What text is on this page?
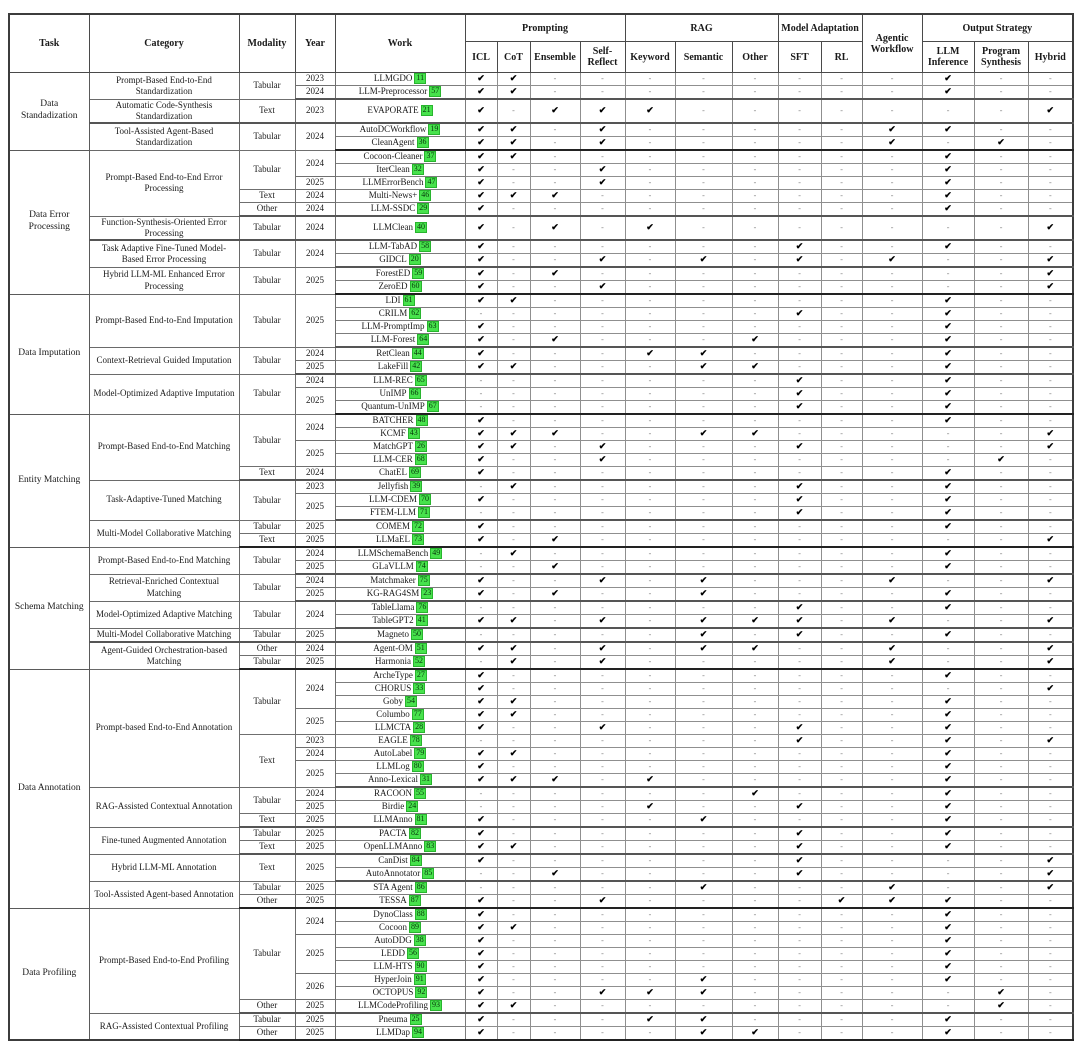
Task	Category	Modality	Year	Work	Prompting				RAG			Model Adaptation		Agentic Workflow	Output Strategy		
					ICL	CoT	Ensemble	Self-Reflect	Keyword	Semantic	Other	SFT	RL		LLM Inference	Program Synthesis	Hybrid
Data Standadization	Prompt-Based End-to-End Standardization	Tabular	2023	LLMGDO 11	✔	✔	-	-	-	-	-	-	-	-	✔	-	-
			2024	LLM-Preprocessor 57	✔	✔	-	-	-	-	-	-	-	-	✔	-	-
	Automatic Code-Synthesis Standardization	Text	2023	EVAPORATE 21	✔	-	✔	✔	✔	-	-	-	-	-	-	-	✔
	Tool-Assisted Agent-Based Standardization	Tabular	2024	AutoDCWorkflow 19	✔	✔	-	✔	-	-	-	-	-	✔	✔	-	-
				CleanAgent 36	✔	✔	-	✔	-	-	-	-	-	✔	-	✔	-
Data Error Processing	Prompt-Based End-to-End Error Processing	Tabular	2024	Cocoon-Cleaner 37	✔	✔	-	-	-	-	-	-	-	-	✔	-	-
				IterClean 32	✔	-	-	✔	-	-	-	-	-	-	✔	-	-
			2025	LLMErrorBench 47	✔	-	-	✔	-	-	-	-	-	-	✔	-	-
		Text	2024	Multi-News+ 46	✔	✔	✔	-	-	-	-	-	-	-	✔	-	-
		Other	2024	LLM-SSDC 29	✔	-	-	-	-	-	-	-	-	-	✔	-	-
	Function-Synthesis-Oriented Error Processing	Tabular	2024	LLMClean 40	✔	-	✔	-	✔	-	-	-	-	-	-	-	✔
	Task Adaptive Fine-Tuned Model-Based Error Processing	Tabular	2024	LLM-TabAD 58	✔	-	-	-	-	-	-	✔	-	-	✔	-	-
				GIDCL 20	✔	-	-	✔	-	✔	-	✔	-	✔	-	-	✔
	Hybrid LLM-ML Enhanced Error Processing	Tabular	2025	ForestED 59	✔	-	✔	-	-	-	-	-	-	-	-	-	✔
				ZeroED 60	✔	-	-	✔	-	-	-	-	-	-	-	-	✔
Data Imputation	Prompt-Based End-to-End Imputation	Tabular	2025	LDI 61	✔	✔	-	-	-	-	-	-	-	-	✔	-	-
				CRILM 62	-	-	-	-	-	-	-	✔	-	-	✔	-	-
				LLM-PromptImp 63	✔	-	-	-	-	-	-	-	-	-	✔	-	-
				LLM-Forest 64	✔	-	✔	-	-	-	✔	-	-	-	✔	-	-
	Context-Retrieval Guided Imputation	Tabular	2024	RetClean 44	✔	-	-	-	✔	✔	-	-	-	-	✔	-	-
			2025	LakeFill 42	✔	✔	-	-	-	✔	✔	-	-	-	✔	-	-
	Model-Optimized Adaptive Imputation	Tabular	2024	LLM-REC 65	-	-	-	-	-	-	-	✔	-	-	✔	-	-
			2025	UnIMP 66	-	-	-	-	-	-	-	✔	-	-	✔	-	-
				Quantum-UnIMP 67	-	-	-	-	-	-	-	✔	-	-	✔	-	-
Entity Matching	Prompt-Based End-to-End Matching	Tabular	2024	BATCHER 48	✔	-	-	-	-	-	-	-	-	-	✔	-	-
				KCMF 43	✔	✔	✔	-	-	✔	✔	-	-	-	-	-	✔
			2025	MatchGPT 26	✔	✔	-	✔	-	-	-	✔	-	-	-	-	✔
				LLM-CER 68	✔	-	-	✔	-	-	-	-	-	-	-	✔	-
		Text	2024	ChatEL 69	✔	-	-	-	-	-	-	-	-	-	✔	-	-
	Task-Adaptive-Tuned Matching	Tabular	2023	Jellyfish 39	-	✔	-	-	-	-	-	✔	-	-	✔	-	-
			2025	LLM-CDEM 70	✔	-	-	-	-	-	-	✔	-	-	✔	-	-
				FTEM-LLM 71	-	-	-	-	-	-	-	✔	-	-	✔	-	-
	Multi-Model Collaborative Matching	Tabular	2025	COMEM 72	✔	-	-	-	-	-	-	-	-	-	✔	-	-
		Text	2025	LLMaEL 73	✔	-	✔	-	-	-	-	-	-	-	-	-	✔
Schema Matching	Prompt-Based End-to-End Matching	Tabular	2024	LLMSchemaBench 49	-	✔	-	-	-	-	-	-	-	-	✔	-	-
			2025	GLaVLLM 74	-	-	✔	-	-	-	-	-	-	-	✔	-	-
	Retrieval-Enriched Contextual Matching	Tabular	2024	Matchmaker 75	✔	-	-	✔	-	✔	-	-	-	✔	-	-	✔
			2025	KG-RAG4SM 23	✔	-	✔	-	-	✔	-	-	-	-	✔	-	-
	Model-Optimized Adaptive Matching	Tabular	2024	TableLlama 76	-	-	-	-	-	-	-	✔	-	-	✔	-	-
				TableGPT2 41	✔	✔	-	✔	-	✔	✔	✔	-	✔	-	-	✔
	Multi-Model Collaborative Matching	Tabular	2025	Magneto 50	-	-	-	-	-	✔	-	✔	-	-	✔	-	-
	Agent-Guided Orchestration-based Matching	Other	2024	Agent-OM 51	✔	✔	-	✔	-	✔	✔	-	-	✔	-	-	✔
		Tabular	2025	Harmonia 52	-	✔	-	✔	-	-	-	-	-	✔	-	-	✔
Data Annotation	Prompt-based End-to-End Annotation	Tabular	2024	ArcheType 27	✔	-	-	-	-	-	-	-	-	-	✔	-	-
				CHORUS 33	✔	-	-	-	-	-	-	-	-	-	-	-	✔
				Goby 54	✔	✔	-	-	-	-	-	-	-	-	✔	-	-
			2025	Columbo 77	✔	✔	-	-	-	-	-	-	-	-	✔	-	-
				LLMCTA 28	✔	-	-	✔	-	-	-	✔	-	-	✔	-	-
		Text	2023	EAGLE 78	-	-	-	-	-	-	-	✔	-	-	✔	-	✔
			2024	AutoLabel 79	✔	✔	-	-	-	-	-	-	-	-	✔	-	-
			2025	LLMLog 80	✔	-	-	-	-	-	-	-	-	-	✔	-	-
				Anno-Lexical 31	✔	✔	✔	-	✔	-	-	-	-	-	✔	-	-
	RAG-Assisted Contextual Annotation	Tabular	2024	RACOON 55	-	-	-	-	-	-	✔	-	-	-	✔	-	-
			2025	Birdie 24	-	-	-	-	✔	-	-	✔	-	-	✔	-	-
		Text	2025	LLMAnno 81	✔	-	-	-	-	✔	-	-	-	-	✔	-	-
	Fine-tuned Augmented Annotation	Tabular	2025	PACTA 82	✔	-	-	-	-	-	-	✔	-	-	✔	-	-
		Text	2025	OpenLLMAnno 83	✔	✔	-	-	-	-	-	✔	-	-	✔	-	-
	Hybrid LLM-ML Annotation	Text	2025	CanDist 84	✔	-	-	-	-	-	-	✔	-	-	-	-	✔
				AutoAnnotator 85	-	-	✔	-	-	-	-	✔	-	-	-	-	✔
	Tool-Assisted Agent-based Annotation	Tabular	2025	STA Agent 86	-	-	-	-	-	✔	-	-	-	✔	-	-	✔
		Other	2025	TESSA 87	✔	-	-	✔	-	-	-	-	✔	✔	✔	-	-
Data Profiling	Prompt-Based End-to-End Profiling	Tabular	2024	DynoClass 88	✔	-	-	-	-	-	-	-	-	-	✔	-	-
				Cocoon 89	✔	✔	-	-	-	-	-	-	-	-	✔	-	-
			2025	AutoDDG 38	✔	-	-	-	-	-	-	-	-	-	✔	-	-
				LEDD 56	✔	-	-	-	-	-	-	-	-	-	✔	-	-
				LLM-HTS 90	✔	-	-	-	-	-	-	-	-	-	✔	-	-
			2026	HyperJoin 91	✔	-	-	-	-	✔	-	-	-	-	✔	-	-
				OCTOPUS 92	✔	-	-	✔	✔	✔	-	-	-	-	-	✔	-
		Other	2025	LLMCodeProfiling 93	✔	✔	-	-	-	-	-	-	-	-	-	✔	-
	RAG-Assisted Contextual Profiling	Tabular	2025	Pneuma 25	✔	-	-	-	✔	✔	-	-	-	-	✔	-	-
		Other	2025	LLMDap 94	✔	-	-	-	-	✔	✔	-	-	-	✔	-	-
